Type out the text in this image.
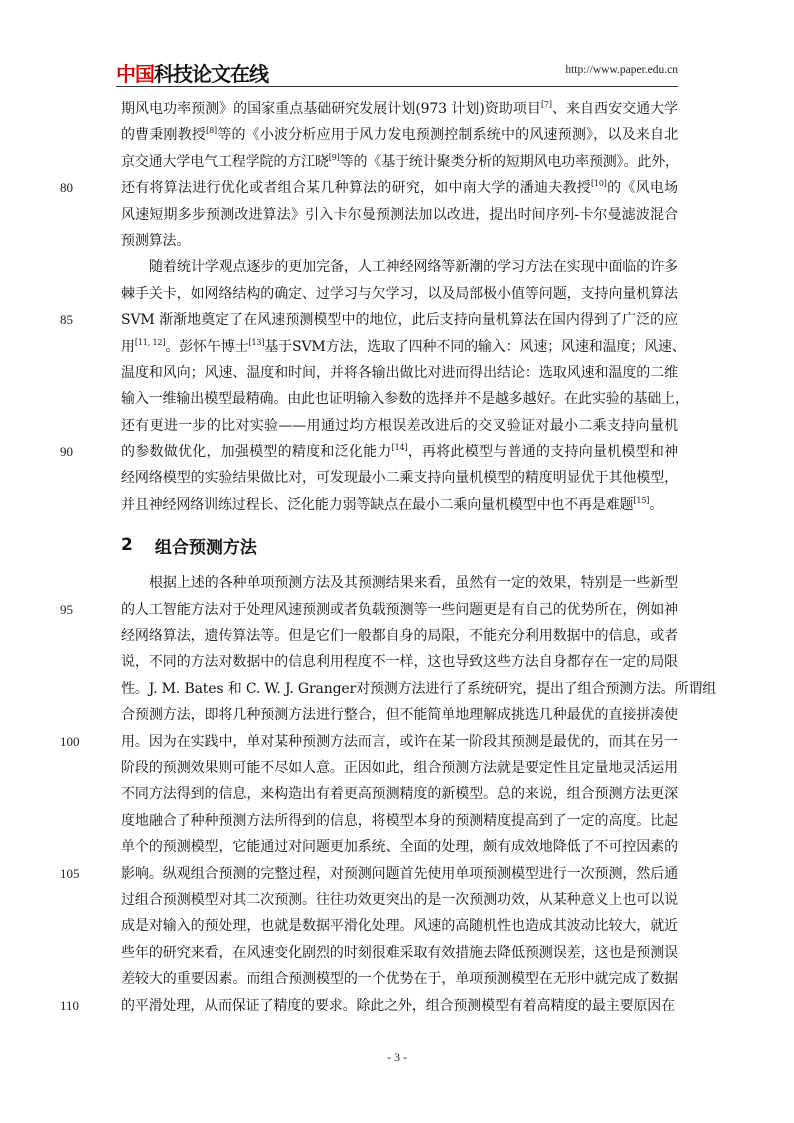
中国科技论文在线	http://www.paper.edu.cn
期风电功率预测》的国家重点基础研究发展计划(973 计划)资助项目[7]、来自西安交通大学
的曹秉刚教授[8]等的《小波分析应用于风力发电预测控制系统中的风速预测》，以及来自北
京交通大学电气工程学院的方江晓[9]等的《基于统计聚类分析的短期风电功率预测》。此外，
还有将算法进行优化或者组合某几种算法的研究，如中南大学的潘迪夫教授[10]的《风电场
风速短期多步预测改进算法》引入卡尔曼预测法加以改进，提出时间序列-卡尔曼滤波混合
预测算法。
随着统计学观点逐步的更加完备，人工神经网络等新潮的学习方法在实现中面临的许多
棘手关卡，如网络结构的确定、过学习与欠学习，以及局部极小值等问题，支持向量机算法
SVM 渐渐地奠定了在风速预测模型中的地位，此后支持向量机算法在国内得到了广泛的应
用[11, 12]。彭怀午博士[13]基于SVM方法，选取了四种不同的输入：风速；风速和温度；风速、
温度和风向；风速、温度和时间，并将各输出做比对进而得出结论：选取风速和温度的二维
输入一维输出模型最精确。由此也证明输入参数的选择并不是越多越好。在此实验的基础上，
还有更进一步的比对实验——用通过均方根误差改进后的交叉验证对最小二乘支持向量机
的参数做优化，加强模型的精度和泛化能力[14]，再将此模型与普通的支持向量机模型和神
经网络模型的实验结果做比对，可发现最小二乘支持向量机模型的精度明显优于其他模型，
并且神经网络训练过程长、泛化能力弱等缺点在最小二乘向量机模型中也不再是难题[15]。
2 组合预测方法
根据上述的各种单项预测方法及其预测结果来看，虽然有一定的效果，特别是一些新型
的人工智能方法对于处理风速预测或者负载预测等一些问题更是有自己的优势所在，例如神
经网络算法，遗传算法等。但是它们一般都自身的局限，不能充分利用数据中的信息，或者
说，不同的方法对数据中的信息利用程度不一样，这也导致这些方法自身都存在一定的局限
性。J. M. Bates 和 C. W. J. Granger对预测方法进行了系统研究，提出了组合预测方法。所谓组
合预测方法，即将几种预测方法进行整合，但不能简单地理解成挑选几种最优的直接拼凑使
用。因为在实践中，单对某种预测方法而言，或许在某一阶段其预测是最优的，而其在另一
阶段的预测效果则可能不尽如人意。正因如此，组合预测方法就是要定性且定量地灵活运用
不同方法得到的信息，来构造出有着更高预测精度的新模型。总的来说，组合预测方法更深
度地融合了种种预测方法所得到的信息，将模型本身的预测精度提高到了一定的高度。比起
单个的预测模型，它能通过对问题更加系统、全面的处理，颇有成效地降低了不可控因素的
影响。纵观组合预测的完整过程，对预测问题首先使用单项预测模型进行一次预测，然后通
过组合预测模型对其二次预测。往往功效更突出的是一次预测功效，从某种意义上也可以说
成是对输入的预处理，也就是数据平滑化处理。风速的高随机性也造成其波动比较大，就近
些年的研究来看，在风速变化剧烈的时刻很难采取有效措施去降低预测误差，这也是预测误
差较大的重要因素。而组合预测模型的一个优势在于，单项预测模型在无形中就完成了数据
的平滑处理，从而保证了精度的要求。除此之外，组合预测模型有着高精度的最主要原因在
80
85
90
95
100
105
110
- 3 -
